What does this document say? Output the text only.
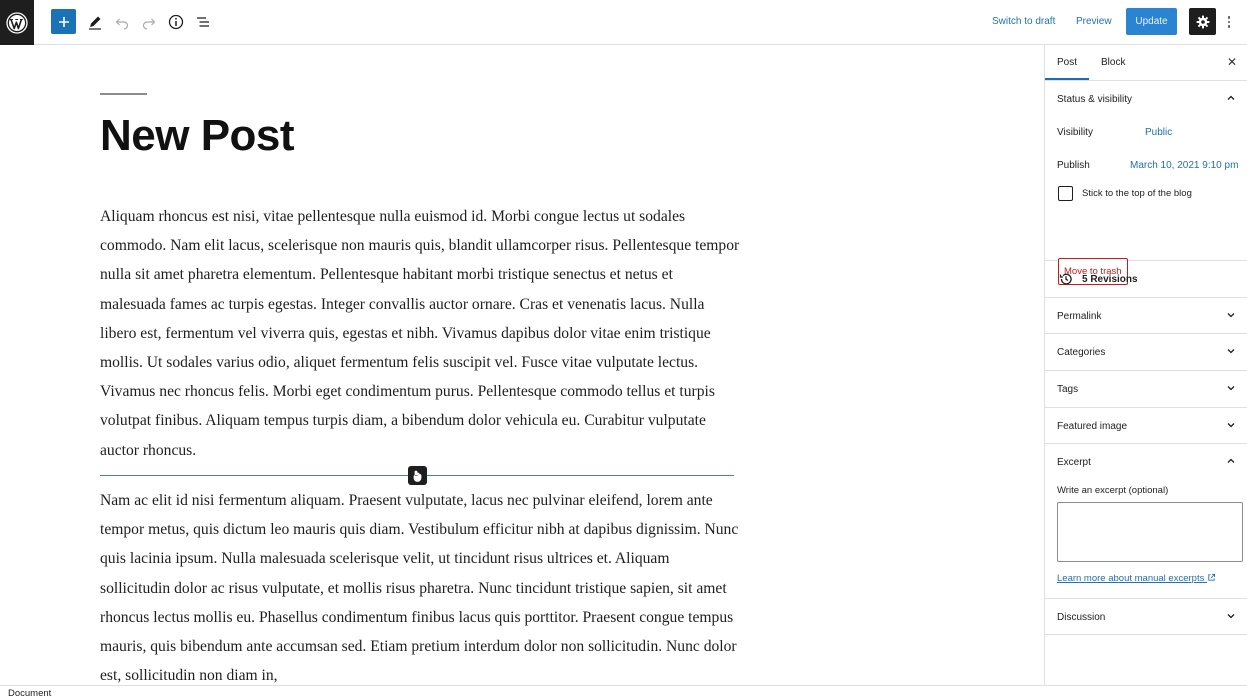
Switch to draft Preview	Update
New Post

Aliquam rhoncus est nisi, vitae pellentesque nulla euismod id. Morbi congue lectus ut sodales commodo. Nam elit lacus, scelerisque non mauris quis, blandit ullamcorper risus. Pellentesque tempor nulla sit amet pharetra elementum. Pellentesque habitant morbi tristique senectus et netus et malesuada fames ac turpis egestas. Integer convallis auctor ornare. Cras et venenatis lacus. Nulla libero est, fermentum vel viverra quis, egestas et nibh. Vivamus dapibus dolor vitae enim tristique mollis. Ut sodales varius odio, aliquet fermentum felis suscipit vel. Fusce vitae vulputate lectus. Vivamus nec rhoncus felis. Morbi eget condimentum purus. Pellentesque commodo tellus et turpis volutpat finibus. Aliquam tempus turpis diam, a bibendum dolor vehicula eu. Curabitur vulputate auctor rhoncus.

Nam ac elit id nisi fermentum aliquam. Praesent vulputate, lacus nec pulvinar eleifend, lorem ante tempor metus, quis dictum leo mauris quis diam. Vestibulum efficitur nibh at dapibus dignissim. Nunc quis lacinia ipsum. Nulla malesuada scelerisque velit, ut tincidunt risus ultrices et. Aliquam sollicitudin dolor ac risus vulputate, et mollis risus pharetra. Nunc tincidunt tristique sapien, sit amet rhoncus lectus mollis eu. Phasellus condimentum finibus lacus quis porttitor. Praesent congue tempus mauris, quis bibendum ante accumsan sed. Etiam pretium interdum dolor non sollicitudin. Nunc dolor est, sollicitudin non diam in,

Post Block	✕
Status & visibility
Visibility	Public
Publish	March 10, 2021 9:10 pm
Stick to the top of the blog
Move to trash
5 Revisions
Permalink
Categories
Tags
Featured image
Excerpt
Write an excerpt (optional)
Learn more about manual excerpts
Discussion
Document
